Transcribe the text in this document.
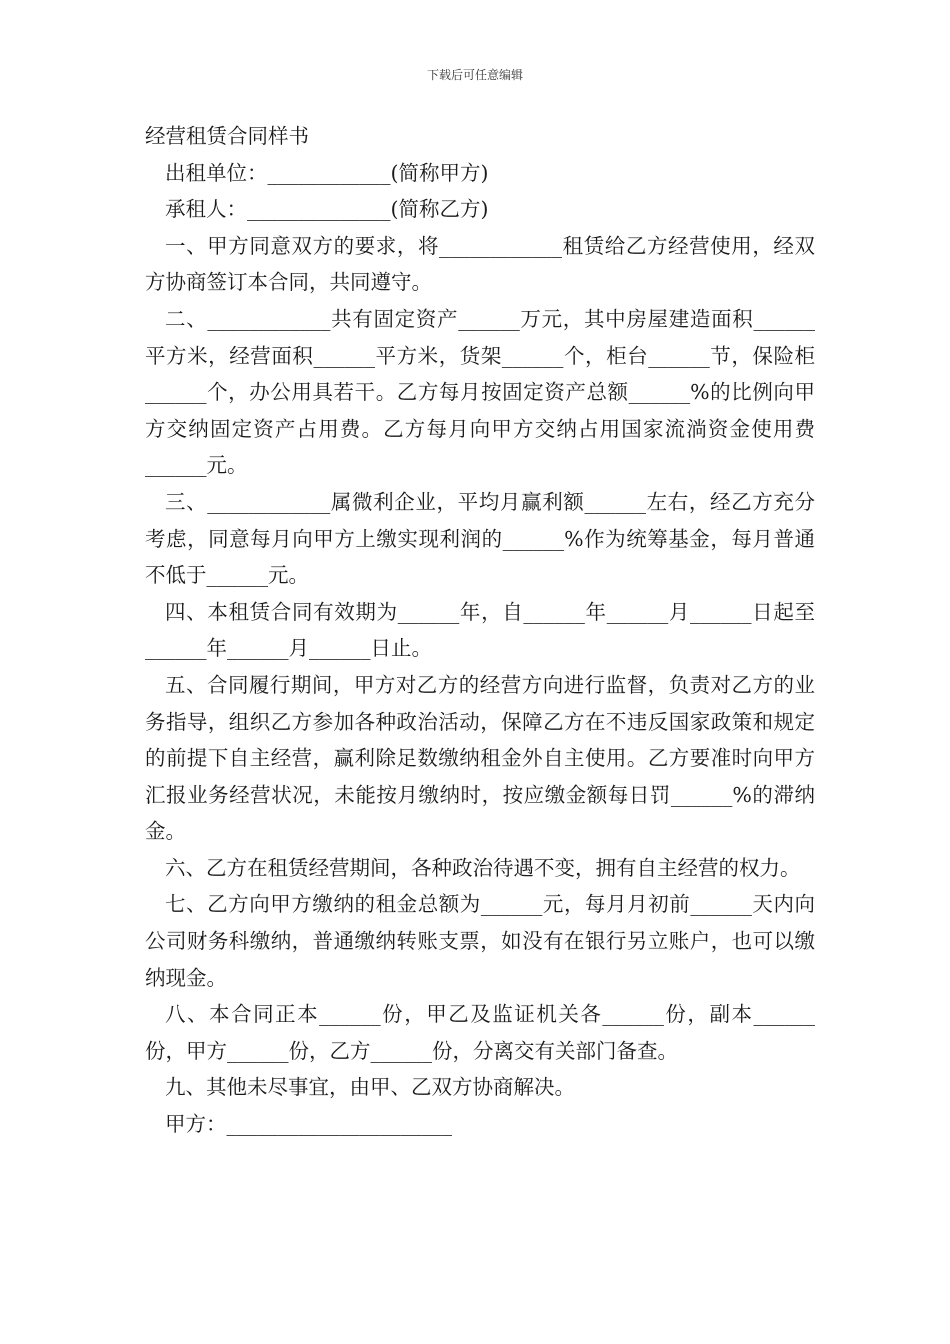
下载后可任意编辑

经营租赁合同样书

出租单位：____________(简称甲方)

承租人：______________(简称乙方)

一、甲方同意双方的要求，将____________租赁给乙方经营使用，经双方协商签订本合同，共同遵守。

二、____________共有固定资产______万元，其中房屋建造面积______平方米，经营面积______平方米，货架______个，柜台______节，保险柜______个，办公用具若干。乙方每月按固定资产总额______%的比例向甲方交纳固定资产占用费。乙方每月向甲方交纳占用国家流淌资金使用费______元。

三、____________属微利企业，平均月赢利额______左右，经乙方充分考虑，同意每月向甲方上缴实现利润的______%作为统筹基金，每月普通不低于______元。

四、本租赁合同有效期为______年，自______年______月______日起至______年______月______日止。

五、合同履行期间，甲方对乙方的经营方向进行监督，负责对乙方的业务指导，组织乙方参加各种政治活动，保障乙方在不违反国家政策和规定的前提下自主经营，赢利除足数缴纳租金外自主使用。乙方要准时向甲方汇报业务经营状况，未能按月缴纳时，按应缴金额每日罚______%的滞纳金。

六、乙方在租赁经营期间，各种政治待遇不变，拥有自主经营的权力。

七、乙方向甲方缴纳的租金总额为______元，每月月初前______天内向公司财务科缴纳，普通缴纳转账支票，如没有在银行另立账户，也可以缴纳现金。

八、本合同正本______份，甲乙及监证机关各______份，副本______份，甲方______份，乙方______份，分离交有关部门备查。

九、其他未尽事宜，由甲、乙双方协商解决。

甲方：______________________
